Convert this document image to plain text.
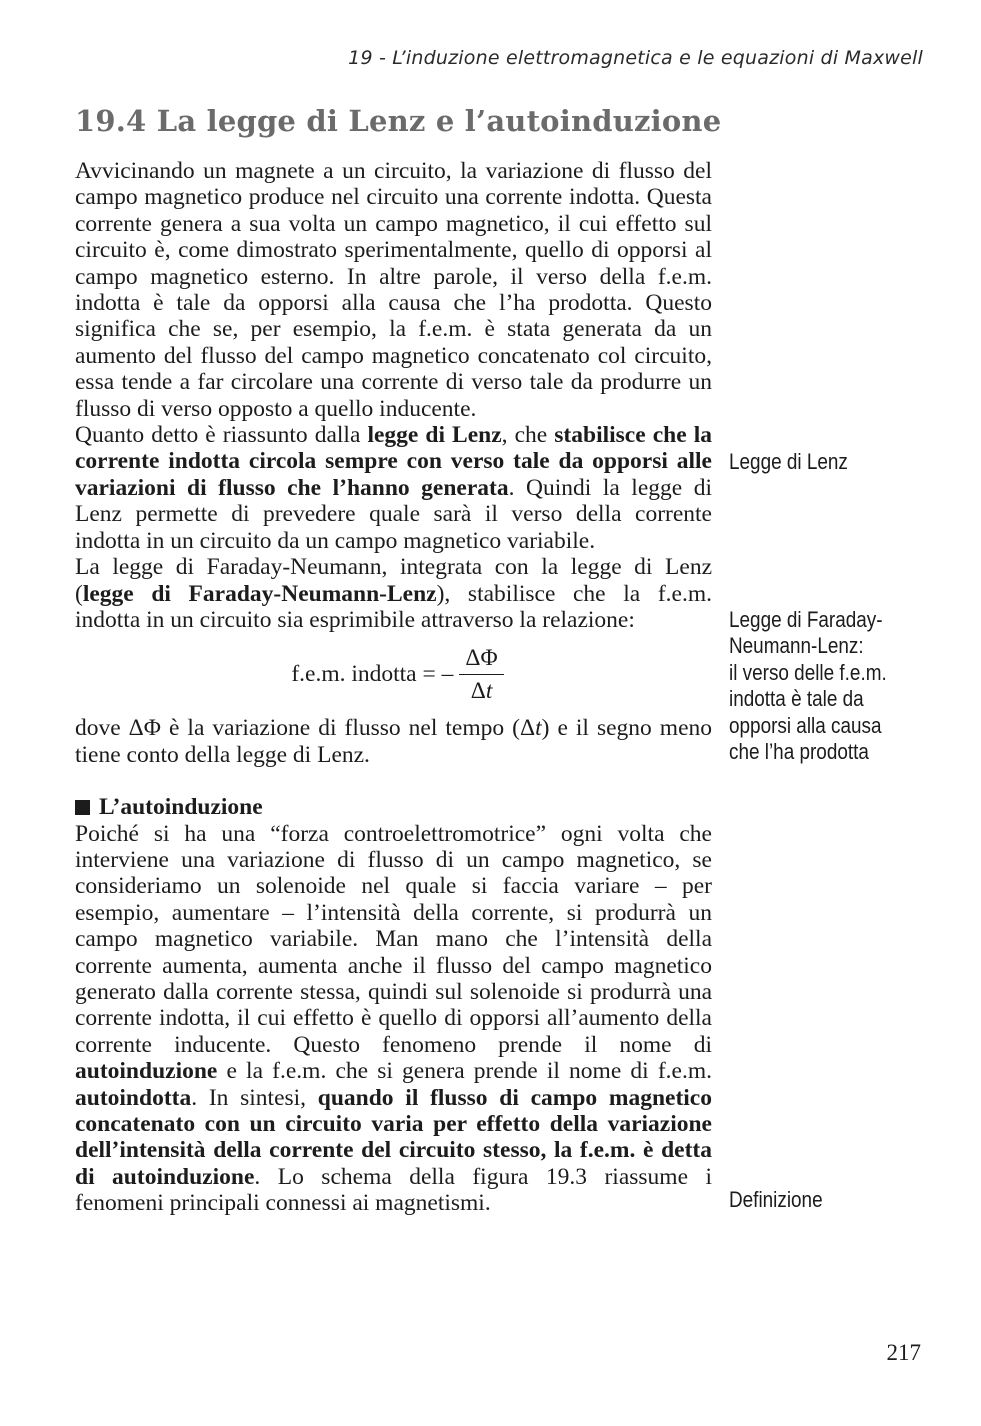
19 - L’induzione elettromagnetica e le equazioni di Maxwell
19.4 La legge di Lenz e l’autoinduzione

Avvicinando un magnete a un circuito, la variazione di flusso del campo magnetico produce nel circuito una corrente indotta. Questa corrente genera a sua volta un campo magnetico, il cui effetto sul circuito è, come dimostrato sperimentalmente, quello di opporsi al campo magnetico esterno. In altre parole, il verso della f.e.m. indotta è tale da opporsi alla causa che l’ha prodotta. Questo significa che se, per esempio, la f.e.m. è stata generata da un aumento del flusso del campo magnetico concatenato col circuito, essa tende a far circolare una corrente di verso tale da produrre un flusso di verso opposto a quello inducente.

Quanto detto è riassunto dalla legge di Lenz, che stabilisce che la corrente indotta circola sempre con verso tale da opporsi alle variazioni di flusso che l’hanno generata. Quindi la legge di Lenz permette di prevedere quale sarà il verso della corrente indotta in un circuito da un campo magnetico variabile.

La legge di Faraday-Neumann, integrata con la legge di Lenz (legge di Faraday-Neumann-Lenz), stabilisce che la f.e.m. indotta in un circuito sia esprimibile attraverso la relazione:

f.e.m. indotta = – $\frac{\Delta\Phi}{\Delta t}$

dove ΔΦ è la variazione di flusso nel tempo (Δt) e il segno meno tiene conto della legge di Lenz.

L’autoinduzione

Poiché si ha una “forza controelettromotrice” ogni volta che interviene una variazione di flusso di un campo magnetico, se consideriamo un solenoide nel quale si faccia variare – per esempio, aumentare – l’intensità della corrente, si produrrà un campo magnetico variabile. Man mano che l’intensità della corrente aumenta, aumenta anche il flusso del campo magnetico generato dalla corrente stessa, quindi sul solenoide si produrrà una corrente indotta, il cui effetto è quello di opporsi all’aumento della corrente inducente. Questo fenomeno prende il nome di autoinduzione e la f.e.m. che si genera prende il nome di f.e.m. autoindotta. In sintesi, quando il flusso di campo magnetico concatenato con un circuito varia per effetto della variazione dell’intensità della corrente del circuito stesso, la f.e.m. è detta di autoinduzione. Lo schema della figura 19.3 riassume i fenomeni principali connessi ai magnetismi.

Legge di Lenz
Legge di Faraday-
Neumann-Lenz:
il verso delle f.e.m.
indotta è tale da
opporsi alla causa
che l’ha prodotta
Definizione
217
